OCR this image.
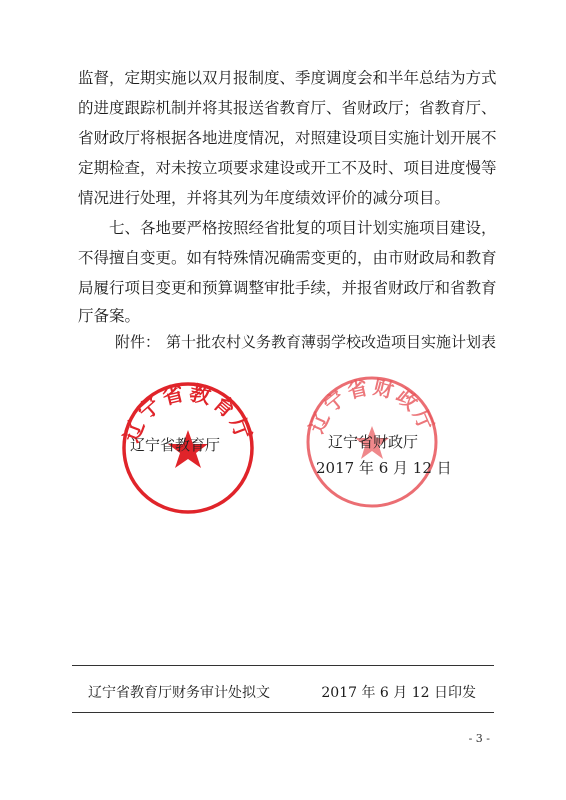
监督，定期实施以双月报制度、季度调度会和半年总结为方式
的进度跟踪机制并将其报送省教育厅、省财政厅；省教育厅、
省财政厅将根据各地进度情况，对照建设项目实施计划开展不
定期检查，对未按立项要求建设或开工不及时、项目进度慢等
情况进行处理，并将其列为年度绩效评价的减分项目。
　　七、各地要严格按照经省批复的项目计划实施项目建设，
不得擅自变更。如有特殊情况确需变更的，由市财政局和教育
局履行项目变更和预算调整审批手续，并报省财政厅和省教育
厅备案。
附件： 第十批农村义务教育薄弱学校改造项目实施计划表
辽宁省教育厅
辽宁省教育厅
辽宁省财政厅
辽宁省财政厅
2017 年 6 月 12 日
辽宁省教育厅财务审计处拟文	2017 年 6 月 12 日印发
- 3 -
